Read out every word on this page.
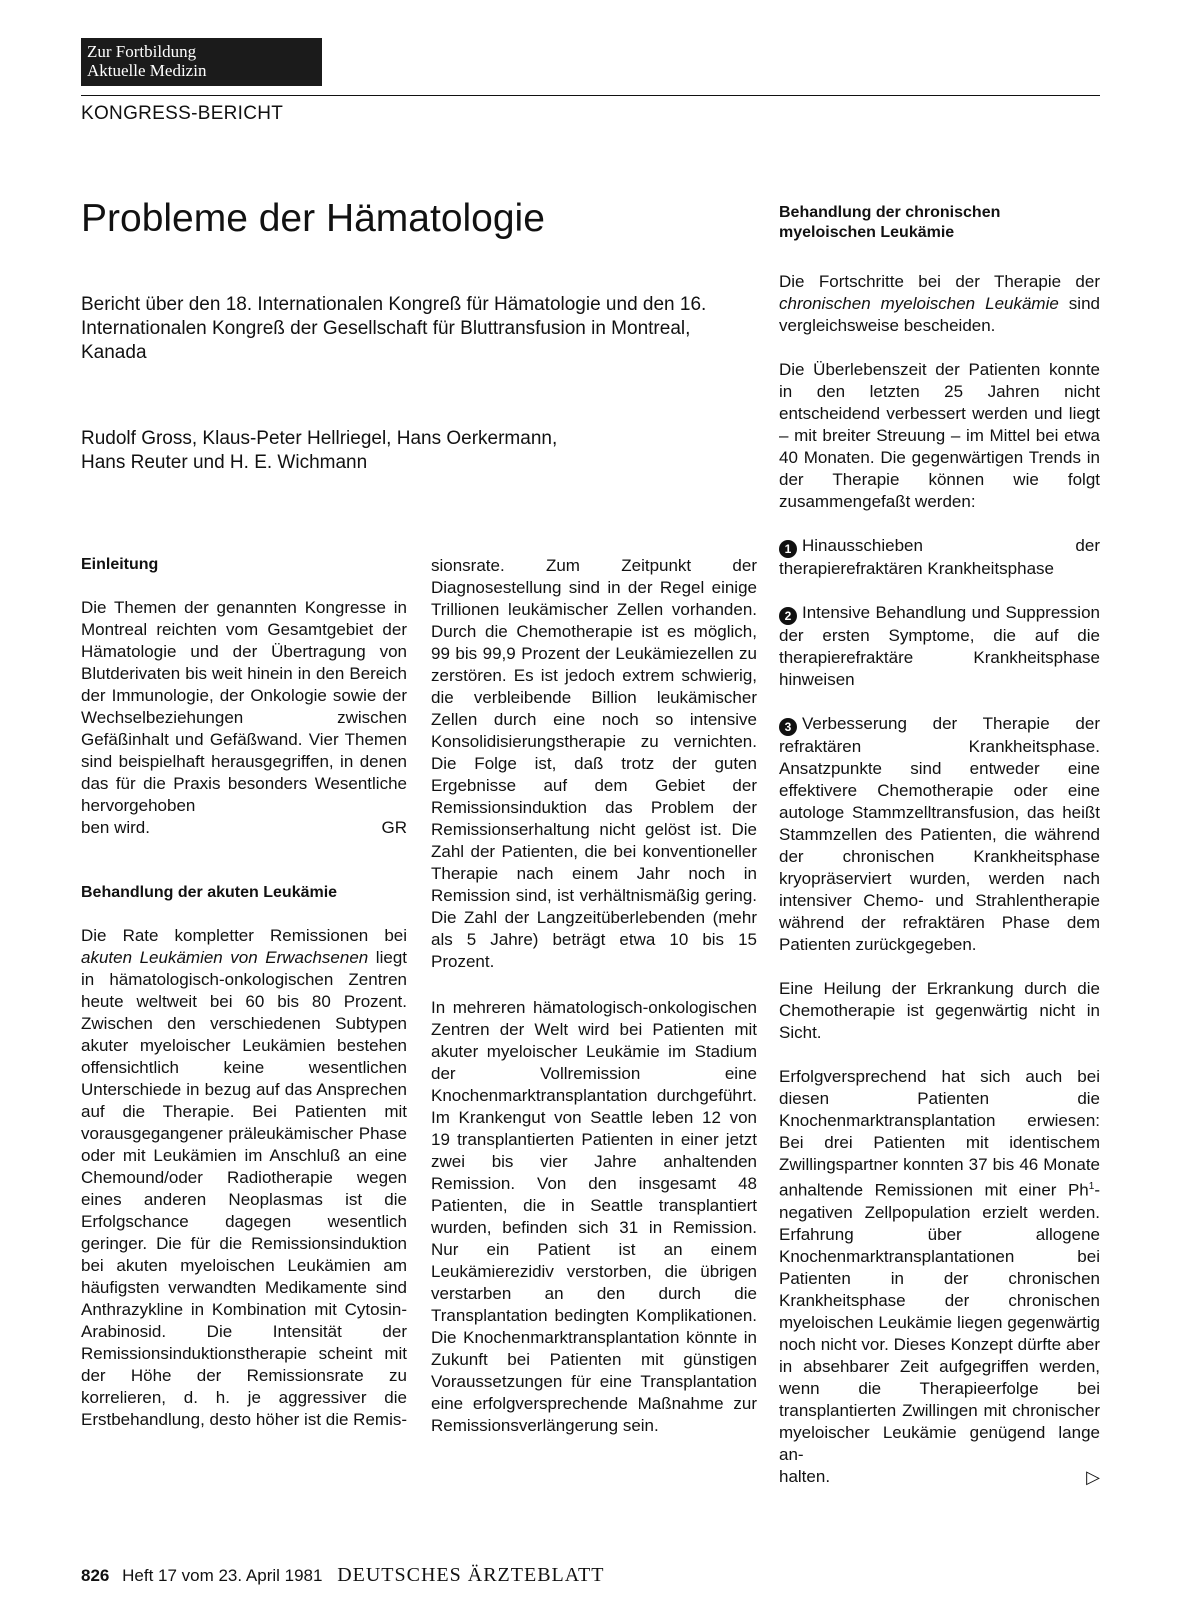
Zur Fortbildung
Aktuelle Medizin
KONGRESS-BERICHT
Probleme der Hämatologie
Bericht über den 18. Internationalen Kongreß für Hämatologie und den 16. Internationalen Kongreß der Gesellschaft für Bluttransfusion in Montreal, Kanada
Rudolf Gross, Klaus-Peter Hellriegel, Hans Oerkermann,
Hans Reuter und H. E. Wichmann
Einleitung

Die Themen der genannten Kongresse in Montreal reichten vom Gesamtgebiet der Hämatologie und der Übertragung von Blutderivaten bis weit hinein in den Bereich der Immunologie, der Onkologie sowie der Wechselbeziehungen zwischen Gefäßinhalt und Gefäßwand. Vier Themen sind beispielhaft herausgegriffen, in denen das für die Praxis besonders Wesentliche hervorgehoben

ben wird.	GR
Behandlung der akuten Leukämie

Die Rate kompletter Remissionen bei akuten Leukämien von Erwachsenen liegt in hämatologisch-onkologischen Zentren heute weltweit bei 60 bis 80 Prozent. Zwischen den verschiedenen Subtypen akuter myeloischer Leukämien bestehen offensichtlich keine wesentlichen Unterschiede in bezug auf das Ansprechen auf die Therapie. Bei Patienten mit vorausgegangener präleukämischer Phase oder mit Leukämien im Anschluß an eine Chemound/oder Radiotherapie wegen eines anderen Neoplasmas ist die Erfolgschance dagegen wesentlich geringer. Die für die Remissionsinduktion bei akuten myeloischen Leukämien am häufigsten verwandten Medikamente sind Anthrazykline in Kombination mit Cytosin-Arabinosid. Die Intensität der Remissionsinduktionstherapie scheint mit der Höhe der Remissionsrate zu korrelieren, d. h. je aggressiver die Erstbehandlung, desto höher ist die Remis-

sionsrate. Zum Zeitpunkt der Diagnosestellung sind in der Regel einige Trillionen leukämischer Zellen vorhanden. Durch die Chemotherapie ist es möglich, 99 bis 99,9 Prozent der Leukämiezellen zu zerstören. Es ist jedoch extrem schwierig, die verbleibende Billion leukämischer Zellen durch eine noch so intensive Konsolidisierungstherapie zu vernichten. Die Folge ist, daß trotz der guten Ergebnisse auf dem Gebiet der Remissionsinduktion das Problem der Remissionserhaltung nicht gelöst ist. Die Zahl der Patienten, die bei konventioneller Therapie nach einem Jahr noch in Remission sind, ist verhältnismäßig gering. Die Zahl der Langzeitüberlebenden (mehr als 5 Jahre) beträgt etwa 10 bis 15 Prozent.

In mehreren hämatologisch-onkologischen Zentren der Welt wird bei Patienten mit akuter myeloischer Leukämie im Stadium der Vollremission eine Knochenmarktransplantation durchgeführt. Im Krankengut von Seattle leben 12 von 19 transplantierten Patienten in einer jetzt zwei bis vier Jahre anhaltenden Remission. Von den insgesamt 48 Patienten, die in Seattle transplantiert wurden, befinden sich 31 in Remission. Nur ein Patient ist an einem Leukämierezidiv verstorben, die übrigen verstarben an den durch die Transplantation bedingten Komplikationen. Die Knochenmarktransplantation könnte in Zukunft bei Patienten mit günstigen Voraussetzungen für eine Transplantation eine erfolgversprechende Maßnahme zur Remissionsverlängerung sein.

Behandlung der chronischen myeloischen Leukämie

Die Fortschritte bei der Therapie der chronischen myeloischen Leukämie sind vergleichsweise bescheiden.

Die Überlebenszeit der Patienten konnte in den letzten 25 Jahren nicht entscheidend verbessert werden und liegt – mit breiter Streuung – im Mittel bei etwa 40 Monaten. Die gegenwärtigen Trends in der Therapie können wie folgt zusammengefaßt werden:

1 Hinausschieben der therapierefraktären Krankheitsphase

2 Intensive Behandlung und Suppression der ersten Symptome, die auf die therapierefraktäre Krankheitsphase hinweisen

3 Verbesserung der Therapie der refraktären Krankheitsphase. Ansatzpunkte sind entweder eine effektivere Chemotherapie oder eine autologe Stammzelltransfusion, das heißt Stammzellen des Patienten, die während der chronischen Krankheitsphase kryopräserviert wurden, werden nach intensiver Chemo- und Strahlentherapie während der refraktären Phase dem Patienten zurückgegeben.

Eine Heilung der Erkrankung durch die Chemotherapie ist gegenwärtig nicht in Sicht.

Erfolgversprechend hat sich auch bei diesen Patienten die Knochenmarktransplantation erwiesen: Bei drei Patienten mit identischem Zwillingspartner konnten 37 bis 46 Monate anhaltende Remissionen mit einer Ph$^1$-negativen Zellpopulation erzielt werden. Erfahrung über allogene Knochenmarktransplantationen bei Patienten in der chronischen Krankheitsphase der chronischen myeloischen Leukämie liegen gegenwärtig noch nicht vor. Dieses Konzept dürfte aber in absehbarer Zeit aufgegriffen werden, wenn die Therapieerfolge bei transplantierten Zwillingen mit chronischer myeloischer Leukämie genügend lange an-

halten.	▷
826 Heft 17 vom 23. April 1981 DEUTSCHES ÄRZTEBLATT
